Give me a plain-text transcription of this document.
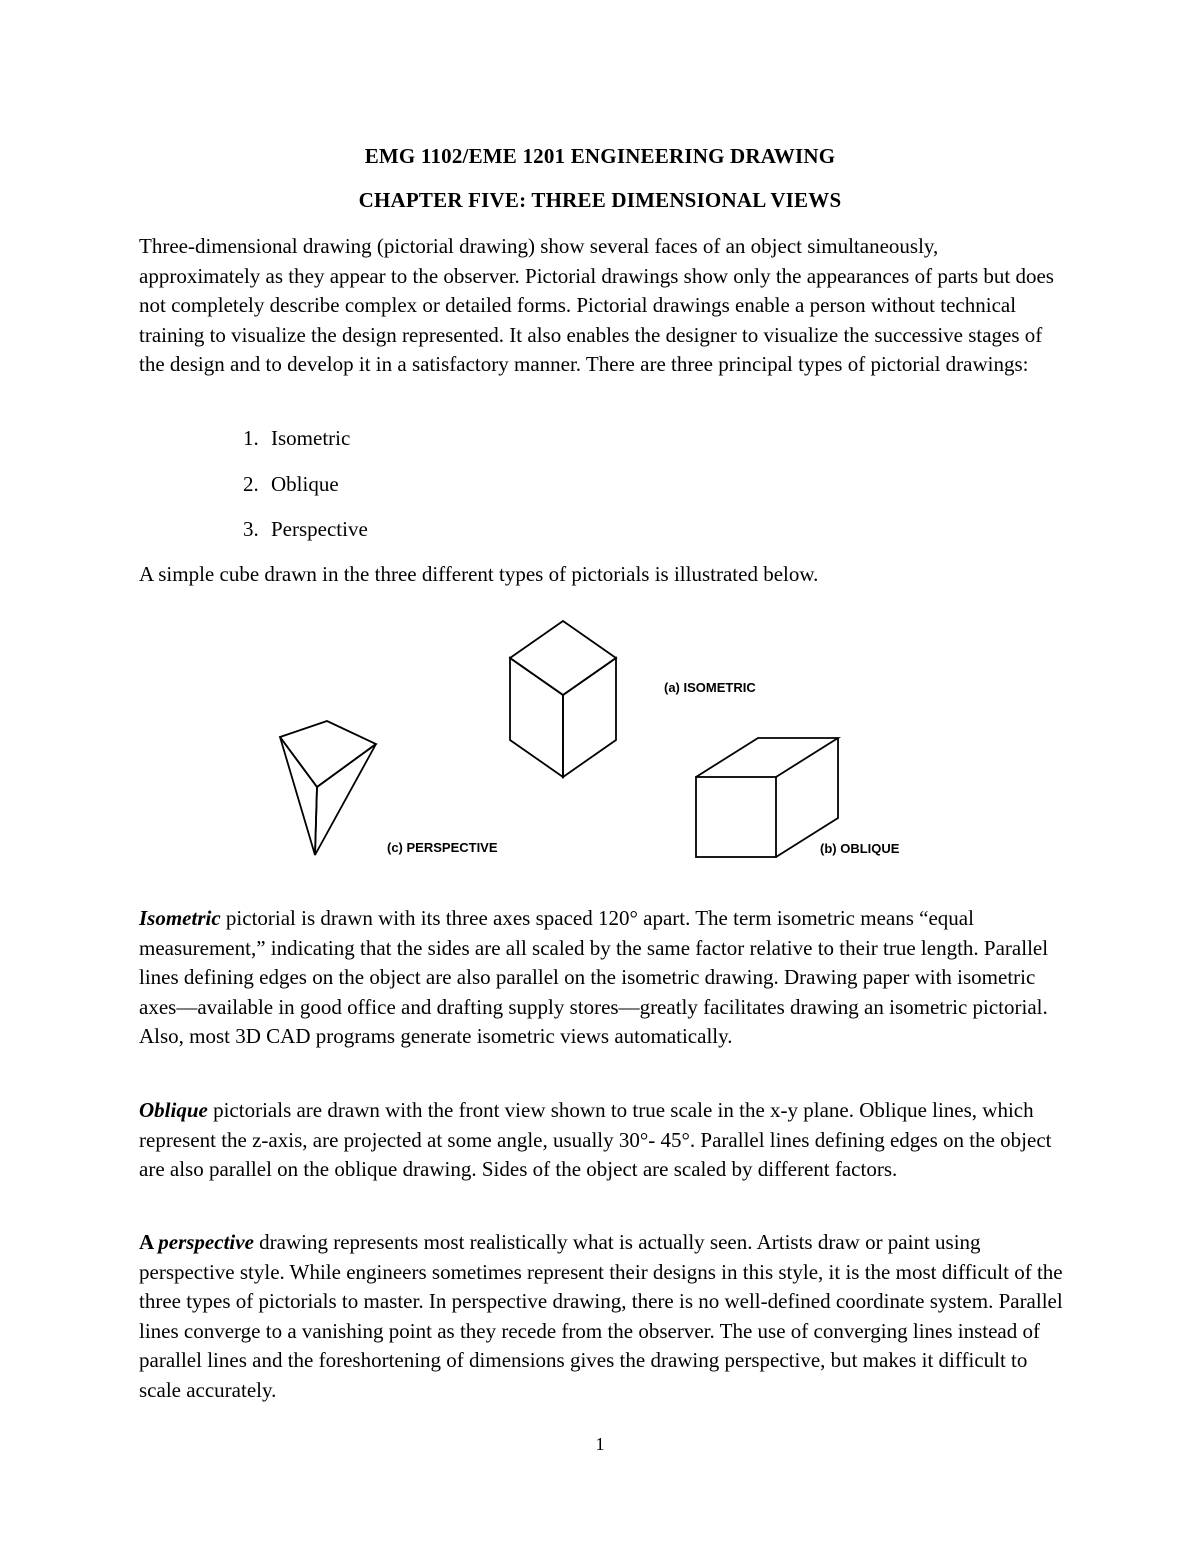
EMG 1102/EME 1201 ENGINEERING DRAWING
CHAPTER FIVE: THREE DIMENSIONAL VIEWS

Three-dimensional drawing (pictorial drawing) show several faces of an object simultaneously, approximately as they appear to the observer. Pictorial drawings show only the appearances of parts but does not completely describe complex or detailed forms. Pictorial drawings enable a person without technical training to visualize the design represented. It also enables the designer to visualize the successive stages of the design and to develop it in a satisfactory manner. There are three principal types of pictorial drawings:

1. Isometric
2. Oblique
3. Perspective

A simple cube drawn in the three different types of pictorials is illustrated below.

(a) ISOMETRIC
(b) OBLIQUE
(c) PERSPECTIVE

Isometric pictorial is drawn with its three axes spaced 120° apart. The term isometric means “equal measurement,” indicating that the sides are all scaled by the same factor relative to their true length. Parallel lines defining edges on the object are also parallel on the isometric drawing. Drawing paper with isometric axes—available in good office and drafting supply stores—greatly facilitates drawing an isometric pictorial. Also, most 3D CAD programs generate isometric views automatically.

Oblique pictorials are drawn with the front view shown to true scale in the x-y plane. Oblique lines, which represent the z-axis, are projected at some angle, usually 30°- 45°. Parallel lines defining edges on the object are also parallel on the oblique drawing. Sides of the object are scaled by different factors.

A perspective drawing represents most realistically what is actually seen. Artists draw or paint using perspective style. While engineers sometimes represent their designs in this style, it is the most difficult of the three types of pictorials to master. In perspective drawing, there is no well-defined coordinate system. Parallel lines converge to a vanishing point as they recede from the observer. The use of converging lines instead of parallel lines and the foreshortening of dimensions gives the drawing perspective, but makes it difficult to scale accurately.

1
